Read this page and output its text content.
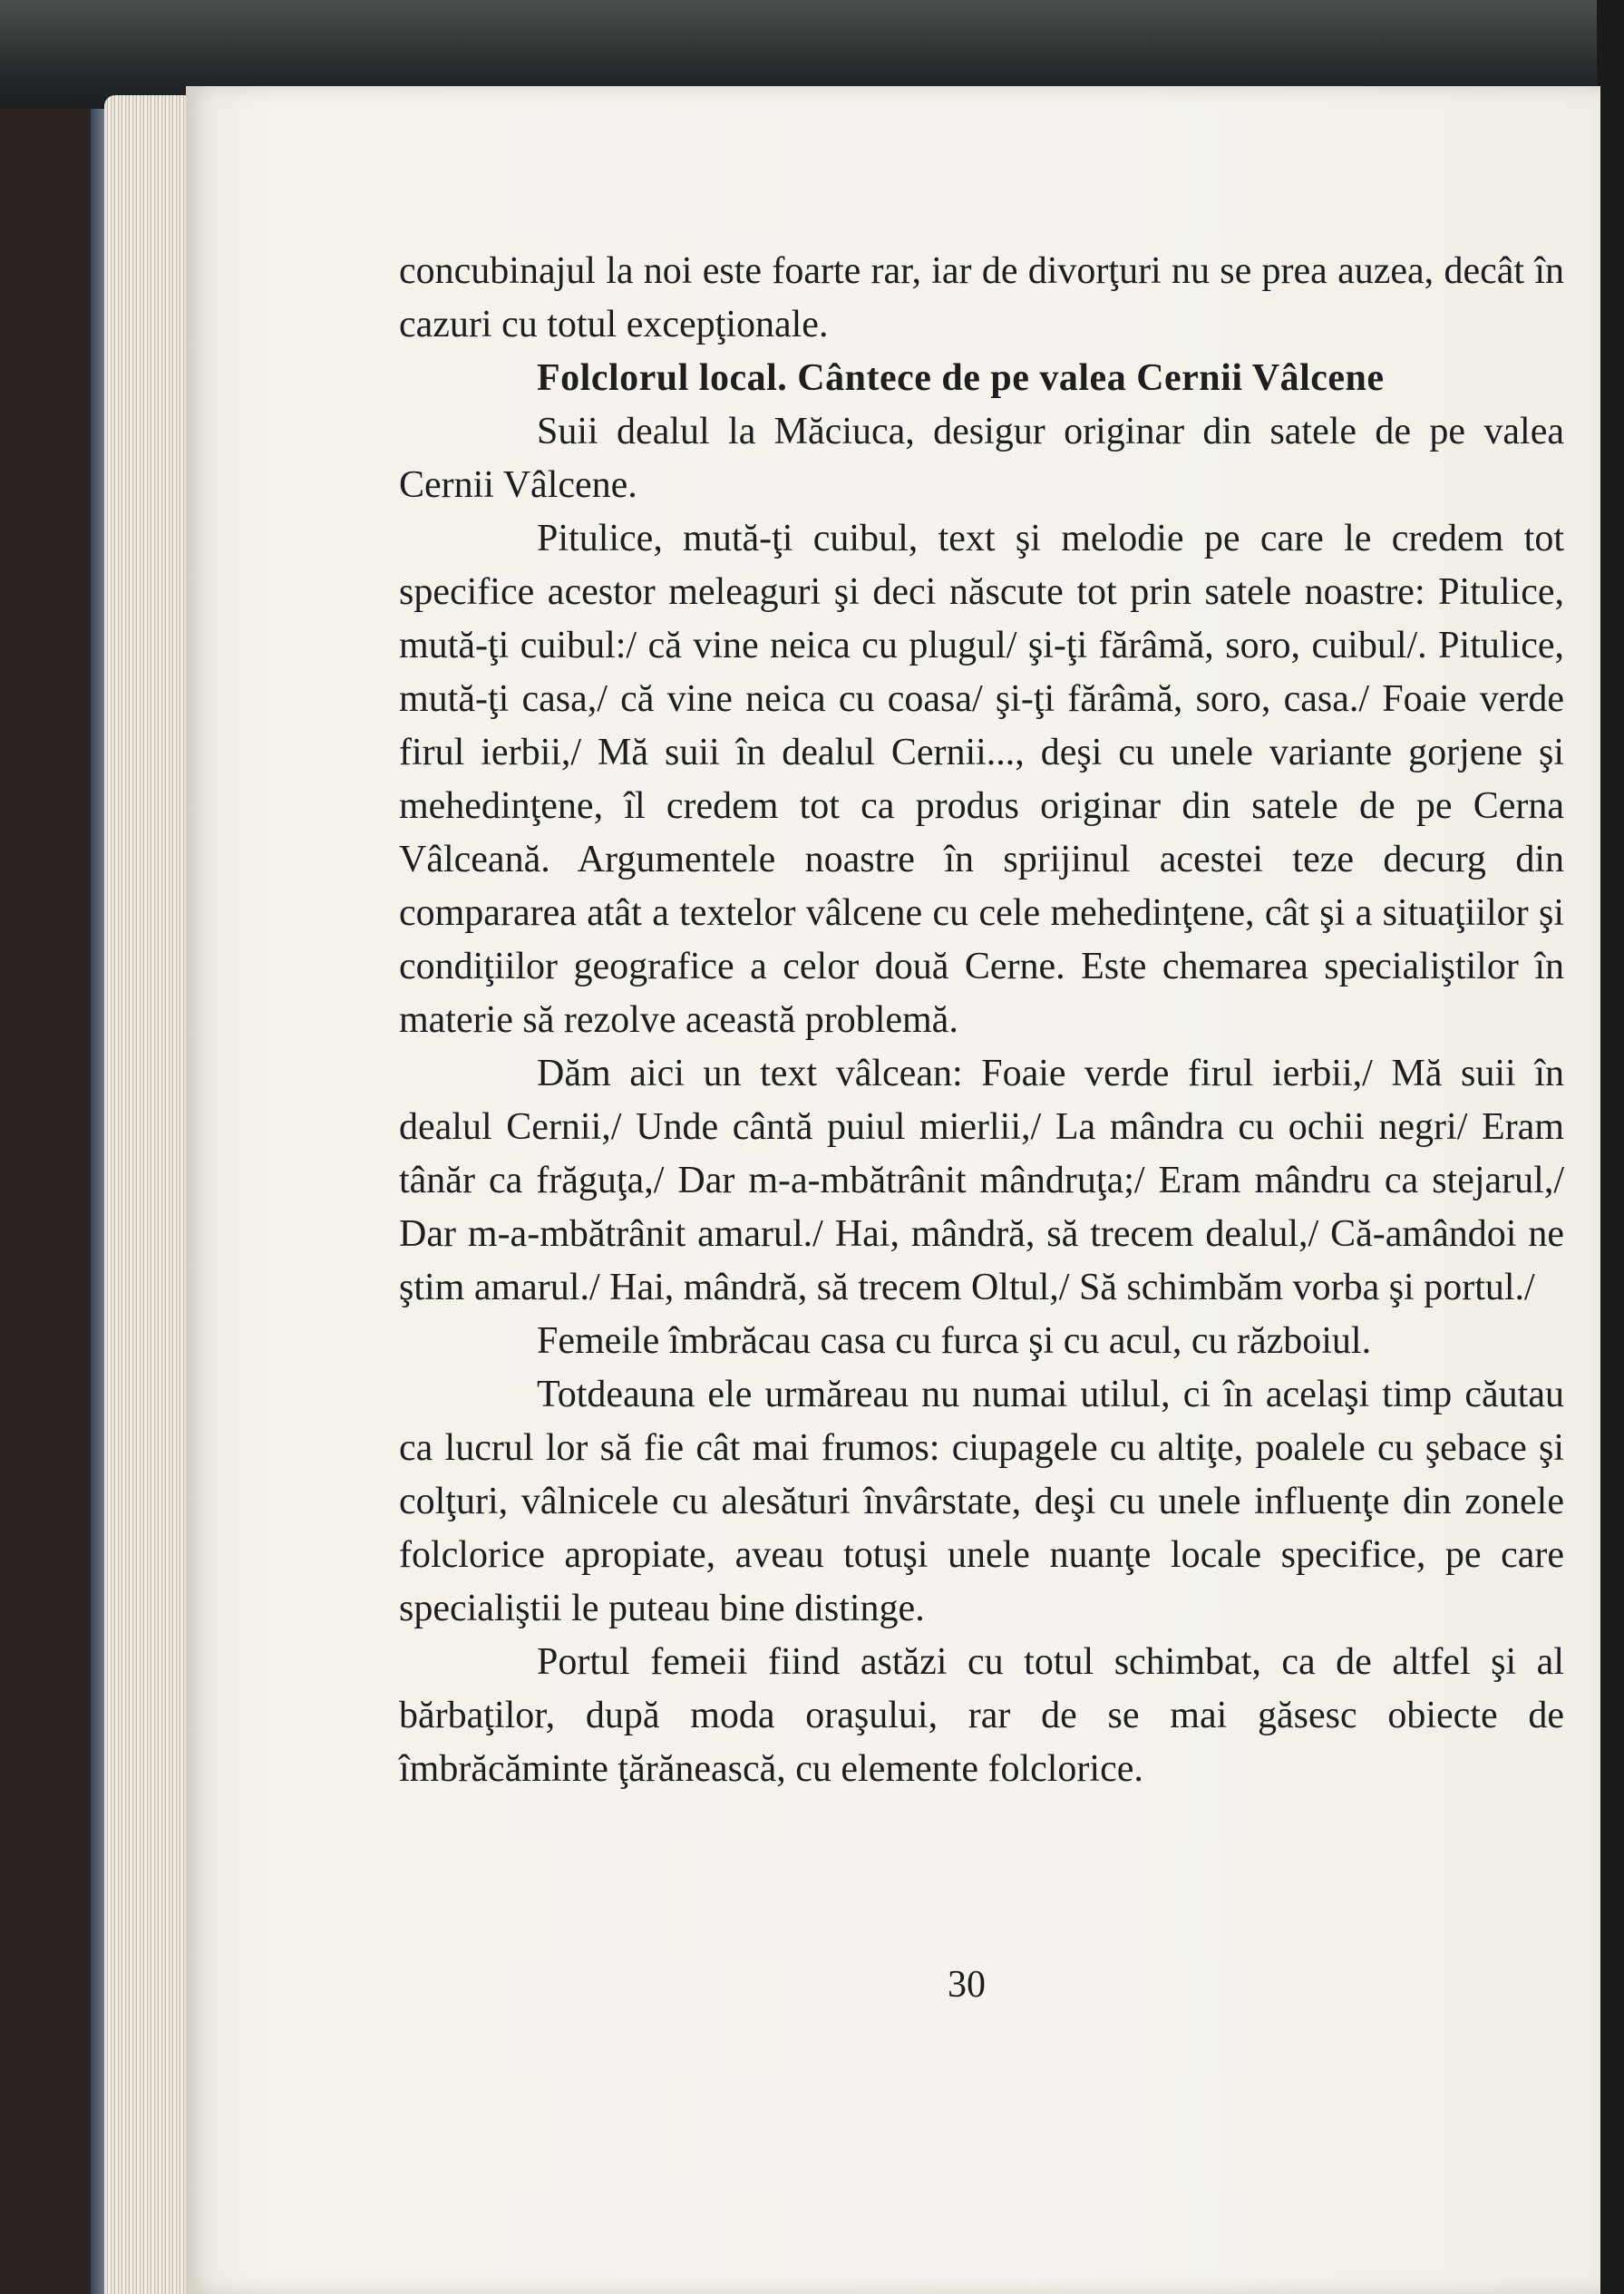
concubinajul la noi este foarte rar, iar de divorţuri nu se prea auzea, decât în cazuri cu totul excepţionale.

Folclorul local. Cântece de pe valea Cernii Vâlcene

Suii dealul la Măciuca, desigur originar din satele de pe valea Cernii Vâlcene.

Pitulice, mută-ţi cuibul, text şi melodie pe care le credem tot specifice acestor meleaguri şi deci născute tot prin satele noastre: Pitulice, mută-ţi cuibul:/ că vine neica cu plugul/ şi-ţi fărâmă, soro, cuibul/. Pitulice, mută-ţi casa,/ că vine neica cu coasa/ şi-ţi fărâmă, soro, casa./ Foaie verde firul ierbii,/ Mă suii în dealul Cernii..., deşi cu unele variante gorjene şi mehedinţene, îl credem tot ca produs originar din satele de pe Cerna Vâlceană. Argumentele noastre în sprijinul acestei teze decurg din compararea atât a textelor vâlcene cu cele mehedinţene, cât şi a situaţiilor şi condiţiilor geografice a celor două Cerne. Este chemarea specialiştilor în materie să rezolve această problemă.

Dăm aici un text vâlcean: Foaie verde firul ierbii,/ Mă suii în dealul Cernii,/ Unde cântă puiul mierlii,/ La mândra cu ochii negri/ Eram tânăr ca frăguţa,/ Dar m-a-mbătrânit mândruţa;/ Eram mândru ca stejarul,/ Dar m-a-mbătrânit amarul./ Hai, mândră, să trecem dealul,/ Că-amândoi ne ştim amarul./ Hai, mândră, să trecem Oltul,/ Să schimbăm vorba şi portul./

Femeile îmbrăcau casa cu furca şi cu acul, cu războiul.

Totdeauna ele urmăreau nu numai utilul, ci în acelaşi timp căutau ca lucrul lor să fie cât mai frumos: ciupagele cu altiţe, poalele cu şebace şi colţuri, vâlnicele cu alesături învârstate, deşi cu unele influenţe din zonele folclorice apropiate, aveau totuşi unele nuanţe locale specifice, pe care specialiştii le puteau bine distinge.

Portul femeii fiind astăzi cu totul schimbat, ca de altfel şi al bărbaţilor, după moda oraşului, rar de se mai găsesc obiecte de îmbrăcăminte ţărănească, cu elemente folclorice.

30
